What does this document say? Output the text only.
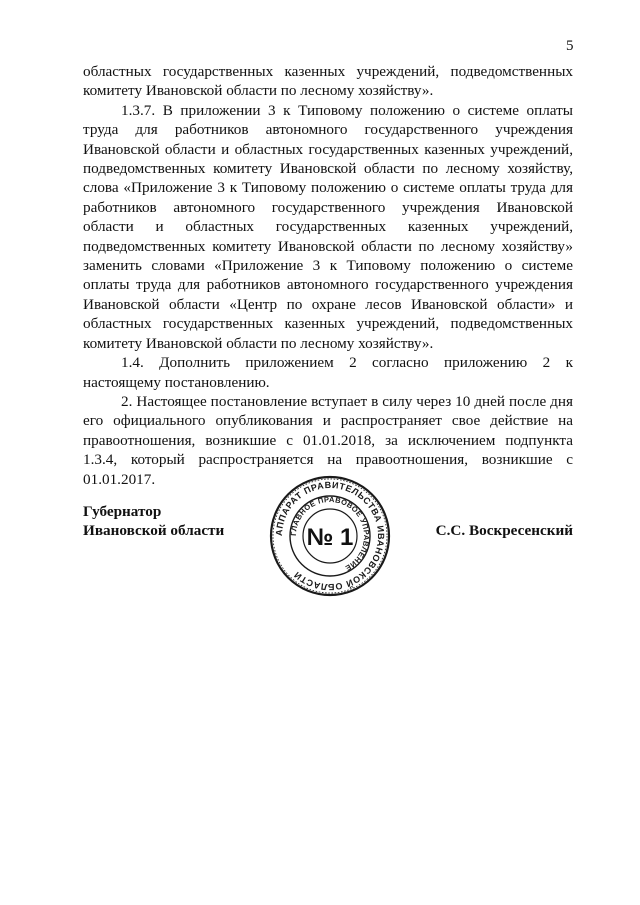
5

областных государственных казенных учреждений, подведомственных комитету Ивановской области по лесному хозяйству».

1.3.7. В приложении 3 к Типовому положению о системе оплаты труда для работников автономного государственного учреждения Ивановской области и областных государственных казенных учреждений, подведомственных комитету Ивановской области по лесному хозяйству, слова «Приложение 3 к Типовому положению о системе оплаты труда для работников автономного государственного учреждения Ивановской области и областных государственных казенных учреждений, подведомственных комитету Ивановской области по лесному хозяйству» заменить словами «Приложение 3 к Типовому положению о системе оплаты труда для работников автономного государственного учреждения Ивановской области «Центр по охране лесов Ивановской области» и областных государственных казенных учреждений, подведомственных комитету Ивановской области по лесному хозяйству».

1.4. Дополнить приложением 2 согласно приложению 2 к настоящему постановлению.

2. Настоящее постановление вступает в силу через 10 дней после дня его официального опубликования и распространяет свое действие на правоотношения, возникшие с 01.01.2018, за исключением подпункта 1.3.4, который распространяется на правоотношения, возникшие с 01.01.2017.

Губернатор
Ивановской области	АППАРАТ ПРАВИТЕЛЬСТВА ИВАНОВСКОЙ ОБЛАСТИ
ГЛАВНОЕ ПРАВОВОЕ УПРАВЛЕНИЕ
№ 1	С.С. Воскресенский
